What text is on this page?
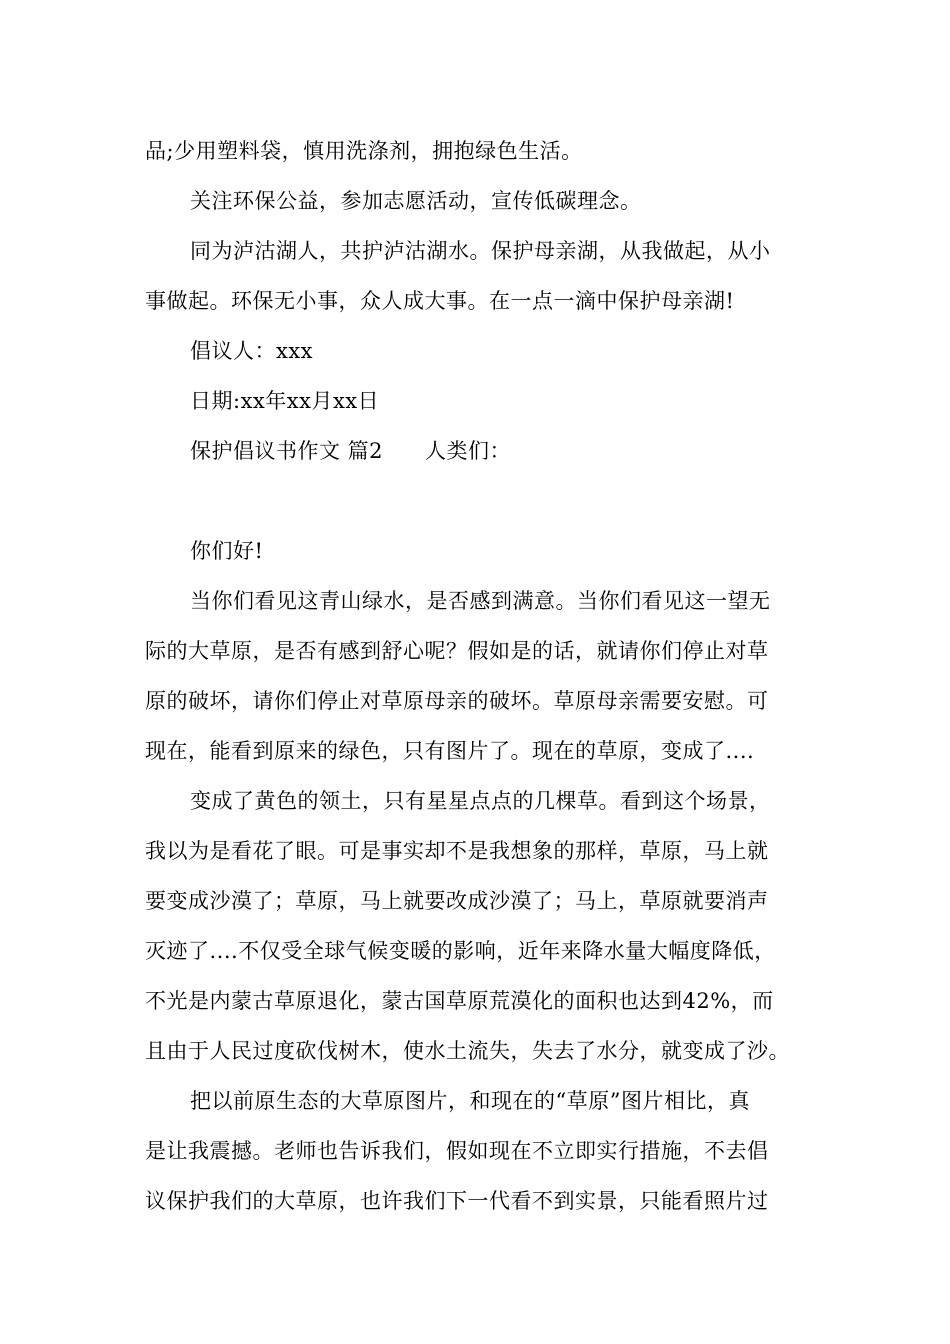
品;少用塑料袋，慎用洗涤剂，拥抱绿色生活。
关注环保公益，参加志愿活动，宣传低碳理念。
同为泸沽湖人，共护泸沽湖水。保护母亲湖，从我做起，从小
事做起。环保无小事，众人成大事。在一点一滴中保护母亲湖!
倡议人：xxx
日期:xx年xx月xx日
保护倡议书作文 篇2 人类们：
你们好!
当你们看见这青山绿水，是否感到满意。当你们看见这一望无
际的大草原，是否有感到舒心呢？假如是的话，就请你们停止对草
原的破坏，请你们停止对草原母亲的破坏。草原母亲需要安慰。可
现在，能看到原来的绿色，只有图片了。现在的草原，变成了....
变成了黄色的领土，只有星星点点的几棵草。看到这个场景，
我以为是看花了眼。可是事实却不是我想象的那样，草原，马上就
要变成沙漠了；草原，马上就要改成沙漠了；马上，草原就要消声
灭迹了....不仅受全球气候变暖的影响，近年来降水量大幅度降低，
不光是内蒙古草原退化，蒙古国草原荒漠化的面积也达到42%，而
且由于人民过度砍伐树木，使水土流失，失去了水分，就变成了沙。
把以前原生态的大草原图片，和现在的“草原”图片相比，真
是让我震撼。老师也告诉我们，假如现在不立即实行措施，不去倡
议保护我们的大草原，也许我们下一代看不到实景，只能看照片过
